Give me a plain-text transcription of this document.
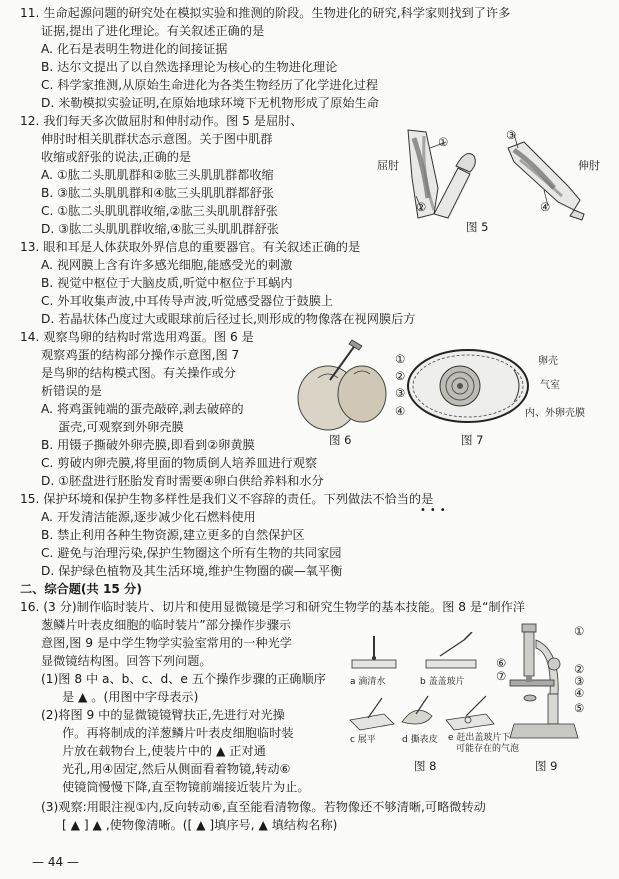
11. 生命起源问题的研究处在模拟实验和推测的阶段。生物进化的研究,科学家则找到了许多
证据,提出了进化理论。有关叙述正确的是
A. 化石是表明生物进化的间接证据
B. 达尔文提出了以自然选择理论为核心的生物进化理论
C. 科学家推测,从原始生命进化为各类生物经历了化学进化过程
D. 米勒模拟实验证明,在原始地球环境下无机物形成了原始生命
12. 我们每天多次做屈肘和伸肘动作。图 5 是屈肘、
伸肘时相关肌群状态示意图。关于图中肌群
收缩或舒张的说法,正确的是
A. ①肱二头肌肌群和②肱三头肌肌群都收缩
B. ③肱二头肌肌群和④肱三头肌肌群都舒张
C. ①肱二头肌肌群收缩,②肱三头肌肌群舒张
D. ③肱二头肌肌群收缩,④肱三头肌肌群舒张
屈肘	伸肘
①
②
③
④
图 5
13. 眼和耳是人体获取外界信息的重要器官。有关叙述正确的是
A. 视网膜上含有许多感光细胞,能感受光的刺激
B. 视觉中枢位于大脑皮质,听觉中枢位于耳蜗内
C. 外耳收集声波,中耳传导声波,听觉感受器位于鼓膜上
D. 若晶状体凸度过大或眼球前后径过长,则形成的物像落在视网膜后方
14. 观察鸟卵的结构时常选用鸡蛋。图 6 是
观察鸡蛋的结构部分操作示意图,图 7
是鸟卵的结构模式图。有关操作或分
析错误的是
A. 将鸡蛋钝端的蛋壳敲碎,剥去破碎的
蛋壳,可观察到外卵壳膜
B. 用镊子撕破外卵壳膜,即看到②卵黄膜
C. 剪破内卵壳膜,将里面的物质倒人培养皿进行观察
D. ①胚盘进行胚胎发育时需要④卵白供给养料和水分
图 6
①
②
③
④
卵壳
气室
内、外卵壳膜
图 7
15. 保护环境和保护生物多样性是我们义不容辞的责任。下列做法不恰当的是
•••
A. 开发清洁能源,逐步减少化石燃料使用
B. 禁止利用各种生物资源,建立更多的自然保护区
C. 避免与治理污染,保护生物圈这个所有生物的共同家园
D. 保护绿色植物及其生活环境,维护生物圈的碳—氧平衡
二、综合题(共 15 分)
16. (3 分)制作临时装片、切片和使用显微镜是学习和研究生物学的基本技能。图 8 是“制作洋
葱鳞片叶表皮细胞的临时装片”部分操作步骤示
意图,图 9 是中学生物学实验室常用的一种光学
显微镜结构图。回答下列问题。
(1)图 8 中 a、b、c、d、e 五个操作步骤的正确顺序
是 ▲ 。(用图中字母表示)
(2)将图 9 中的显微镜镜臂扶正,先进行对光操
作。再将制成的洋葱鳞片叶表皮细胞临时装
片放在载物台上,使装片中的 ▲ 正对通
光孔,用④固定,然后从侧面看着物镜,转动⑥
使镜筒慢慢下降,直至物镜前端接近装片为止。
(3)观察:用眼注视①内,反向转动⑥,直至能看清物像。若物像还不够清晰,可略微转动
[ ▲ ] ▲ ,使物像清晰。([ ▲ ]填序号, ▲ 填结构名称)
a 滴清水	b 盖盖玻片
c 展平	d 撕表皮 e 赶出盖玻片下
可能存在的气泡
图 8
①
②
③
④
⑤
⑥
⑦
图 9
— 44 —
